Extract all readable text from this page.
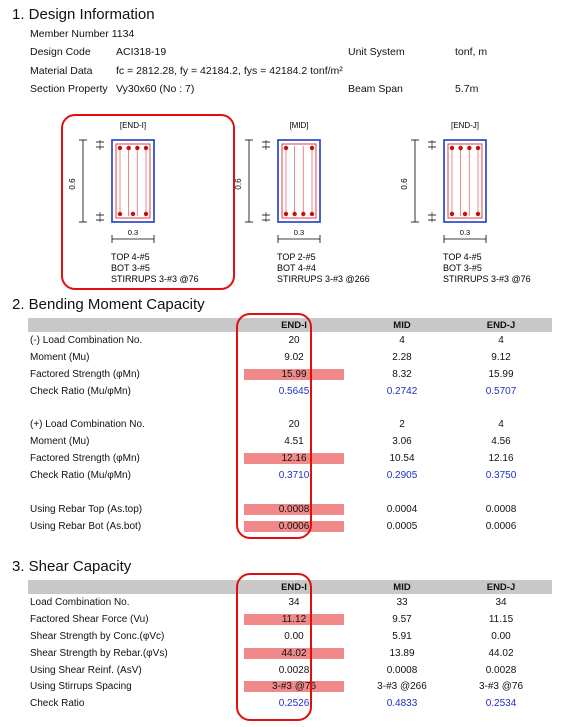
1. Design Information
Member Number 1134
Design Code ACI318-19	Unit System	tonf, m
Material Data fc = 2812.28, fy = 42184.2, fys = 42184.2 tonf/m²
Section Property Vy30x60 (No : 7)	Beam Span	5.7m
[END-I]
0.6
0.3
TOP 4-#5
BOT 3-#5
STIRRUPS 3-#3 @76
[MID]
0.6
0.3
TOP 2-#5
BOT 4-#4
STIRRUPS 3-#3 @266
[END-J]
0.6
0.3
TOP 4-#5
BOT 3-#5
STIRRUPS 3-#3 @76
2. Bending Moment Capacity
	END-I	MID	END-J
(-) Load Combination No.	20	4	4
Moment (Mu)	9.02	2.28	9.12
Factored Strength (φMn)	15.99	8.32	15.99
Check Ratio (Mu/φMn)	0.5645	0.2742	0.5707

(+) Load Combination No.	20	2	4
Moment (Mu)	4.51	3.06	4.56
Factored Strength (φMn)	12.16	10.54	12.16
Check Ratio (Mu/φMn)	0.3710	0.2905	0.3750

Using Rebar Top (As.top)	0.0008	0.0004	0.0008
Using Rebar Bot (As.bot)	0.0006	0.0005	0.0006
3. Shear Capacity
	END-I	MID	END-J
Load Combination No.	34	33	34
Factored Shear Force (Vu)	11.12	9.57	11.15
Shear Strength by Conc.(φVc)	0.00	5.91	0.00
Shear Strength by Rebar.(φVs)	44.02	13.89	44.02
Using Shear Reinf. (AsV)	0.0028	0.0008	0.0028
Using Stirrups Spacing	3-#3 @76	3-#3 @266	3-#3 @76
Check Ratio	0.2526	0.4833	0.2534
